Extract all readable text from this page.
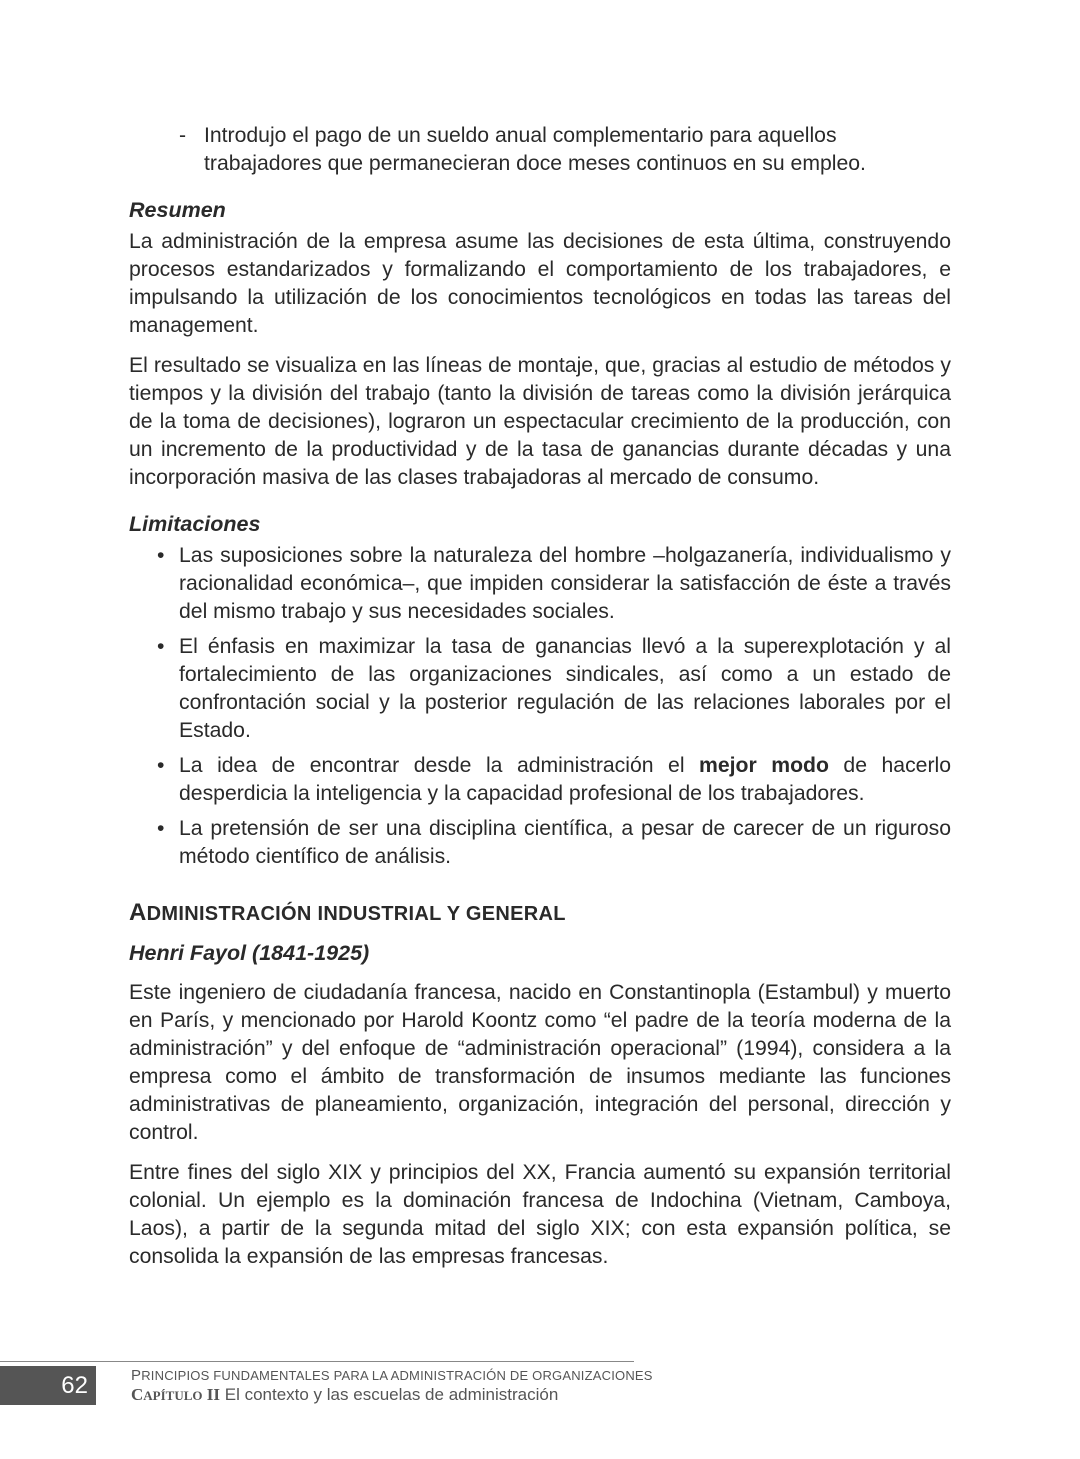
- Introdujo el pago de un sueldo anual complementario para aquellos trabajadores que permanecieran doce meses continuos en su empleo.
Resumen

La administración de la empresa asume las decisiones de esta última, construyendo procesos estandarizados y formalizando el comportamiento de los trabajadores, e impulsando la utilización de los conocimientos tecnológicos en todas las tareas del management.

El resultado se visualiza en las líneas de montaje, que, gracias al estudio de métodos y tiempos y la división del trabajo (tanto la división de tareas como la división jerárquica de la toma de decisiones), lograron un espectacular crecimiento de la producción, con un incremento de la productividad y de la tasa de ganancias durante décadas y una incorporación masiva de las clases trabajadoras al mercado de consumo.

Limitaciones
• Las suposiciones sobre la naturaleza del hombre –holgazanería, individualismo y racionalidad económica–, que impiden considerar la satisfacción de éste a través del mismo trabajo y sus necesidades sociales.
• El énfasis en maximizar la tasa de ganancias llevó a la superexplotación y al fortalecimiento de las organizaciones sindicales, así como a un estado de confrontación social y la posterior regulación de las relaciones laborales por el Estado.
• La idea de encontrar desde la administración el mejor modo de hacerlo desperdicia la inteligencia y la capacidad profesional de los trabajadores.
• La pretensión de ser una disciplina científica, a pesar de carecer de un riguroso método científico de análisis.
ADMINISTRACIÓN INDUSTRIAL Y GENERAL
Henri Fayol (1841-1925)

Este ingeniero de ciudadanía francesa, nacido en Constantinopla (Estambul) y muerto en París, y mencionado por Harold Koontz como “el padre de la teoría moderna de la administración” y del enfoque de “administración operacional” (1994), considera a la empresa como el ámbito de transformación de insumos mediante las funciones administrativas de planeamiento, organización, integración del personal, dirección y control.

Entre fines del siglo XIX y principios del XX, Francia aumentó su expansión territorial colonial. Un ejemplo es la dominación francesa de Indochina (Vietnam, Camboya, Laos), a partir de la segunda mitad del siglo XIX; con esta expansión política, se consolida la expansión de las empresas francesas.

62	PRINCIPIOS FUNDAMENTALES PARA LA ADMINISTRACIÓN DE ORGANIZACIONES
CAPÍTULO II El contexto y las escuelas de administración
